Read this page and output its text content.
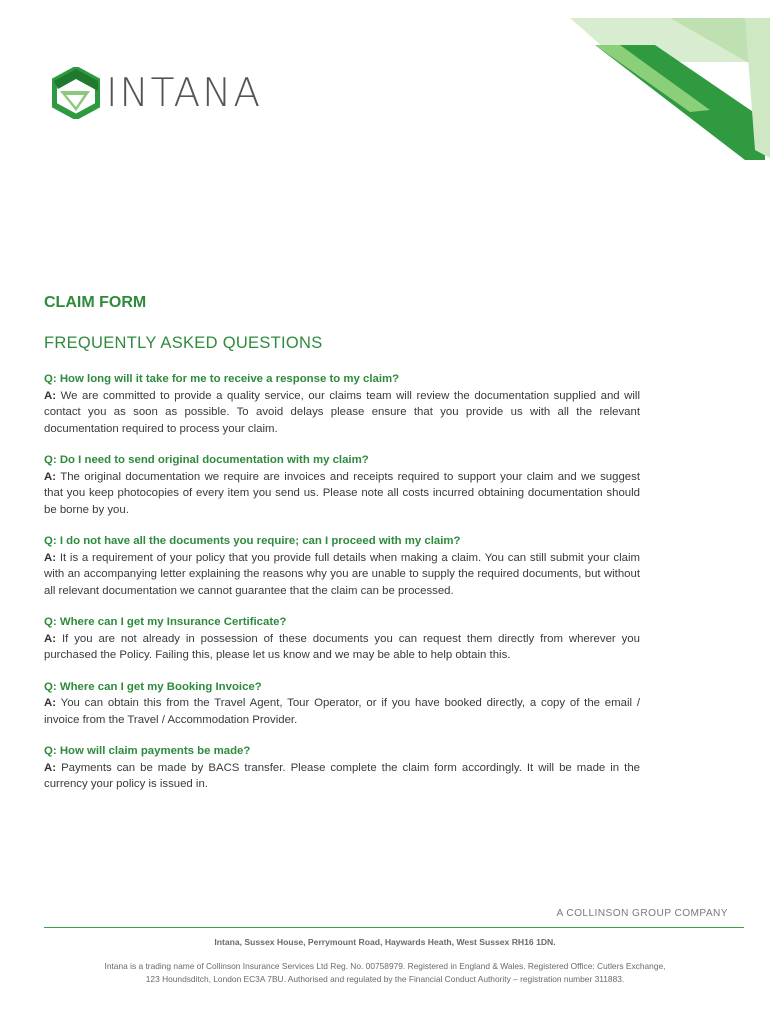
INTANA
CLAIM FORM
FREQUENTLY ASKED QUESTIONS
Q: How long will it take for me to receive a response to my claim?
A: We are committed to provide a quality service, our claims team will review the documentation supplied and will contact you as soon as possible. To avoid delays please ensure that you provide us with all the relevant documentation required to process your claim.
Q: Do I need to send original documentation with my claim?
A: The original documentation we require are invoices and receipts required to support your claim and we suggest that you keep photocopies of every item you send us. Please note all costs incurred obtaining documentation should be borne by you.
Q: I do not have all the documents you require; can I proceed with my claim?
A: It is a requirement of your policy that you provide full details when making a claim. You can still submit your claim with an accompanying letter explaining the reasons why you are unable to supply the required documents, but without all relevant documentation we cannot guarantee that the claim can be processed.
Q: Where can I get my Insurance Certificate?
A: If you are not already in possession of these documents you can request them directly from wherever you purchased the Policy. Failing this, please let us know and we may be able to help obtain this.
Q: Where can I get my Booking Invoice?
A: You can obtain this from the Travel Agent, Tour Operator, or if you have booked directly, a copy of the email / invoice from the Travel / Accommodation Provider.
Q: How will claim payments be made?
A: Payments can be made by BACS transfer. Please complete the claim form accordingly. It will be made in the currency your policy is issued in.
A COLLINSON GROUP COMPANY
Intana, Sussex House, Perrymount Road, Haywards Heath, West Sussex RH16 1DN.
Intana is a trading name of Collinson Insurance Services Ltd Reg. No. 00758979. Registered in England & Wales. Registered Office: Cutlers Exchange,
123 Houndsditch, London EC3A 7BU. Authorised and regulated by the Financial Conduct Authority – registration number 311883.
